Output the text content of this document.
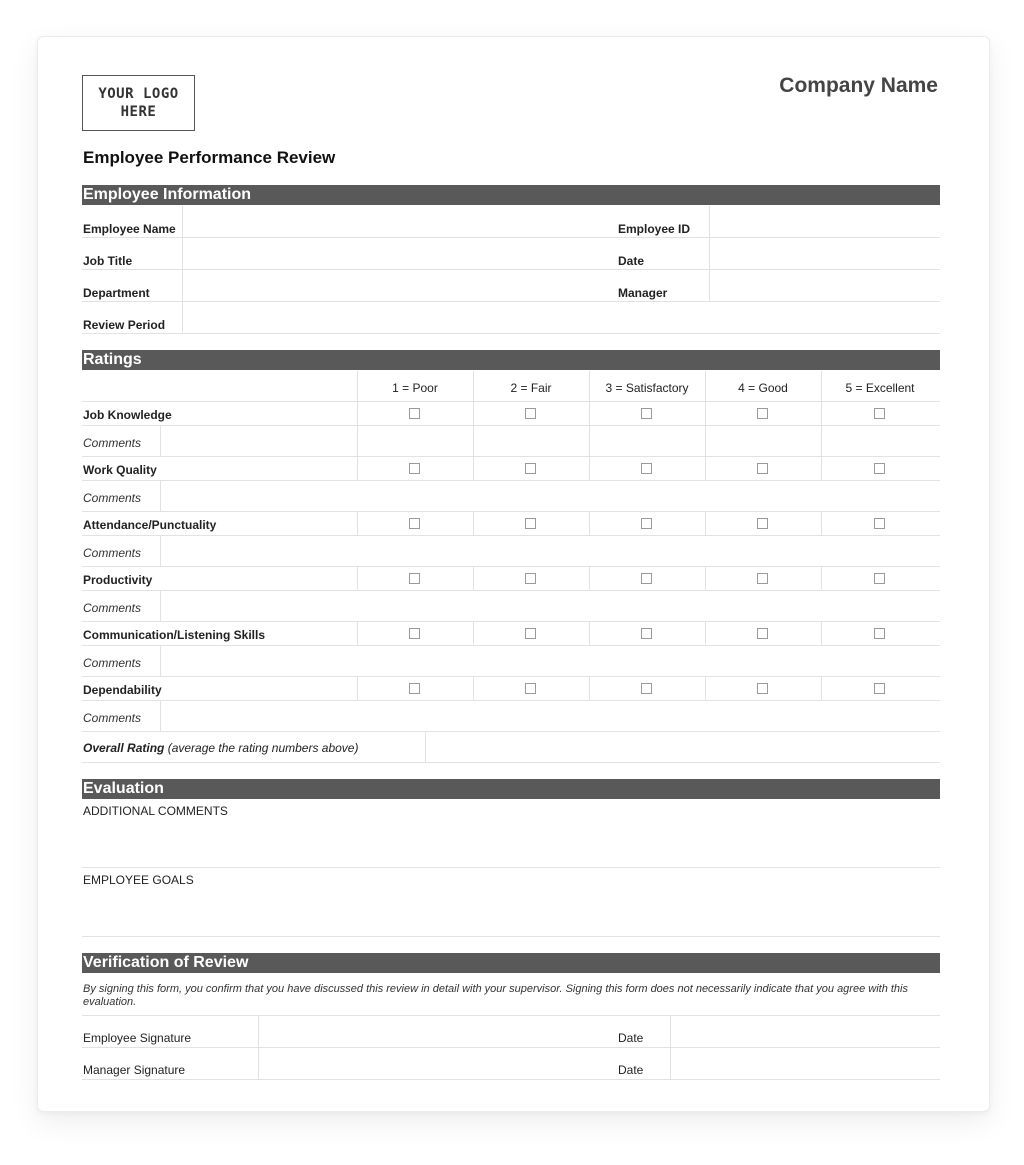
YOUR LOGO
HERE
Company Name
Employee Performance Review
Employee Information
Employee Name	Employee ID
Job Title	Date
Department	Manager
Review Period
Ratings
1 = Poor	2 = Fair	3 = Satisfactory	4 = Good	5 = Excellent
Job Knowledge
Comments
Work Quality
Comments
Attendance/Punctuality
Comments
Productivity
Comments
Communication/Listening Skills
Comments
Dependability
Comments
Overall Rating (average the rating numbers above)
Evaluation
ADDITIONAL COMMENTS
EMPLOYEE GOALS
Verification of Review
By signing this form, you confirm that you have discussed this review in detail with your supervisor. Signing this form does not necessarily indicate that you agree with this evaluation.
Employee Signature	Date
Manager Signature	Date
